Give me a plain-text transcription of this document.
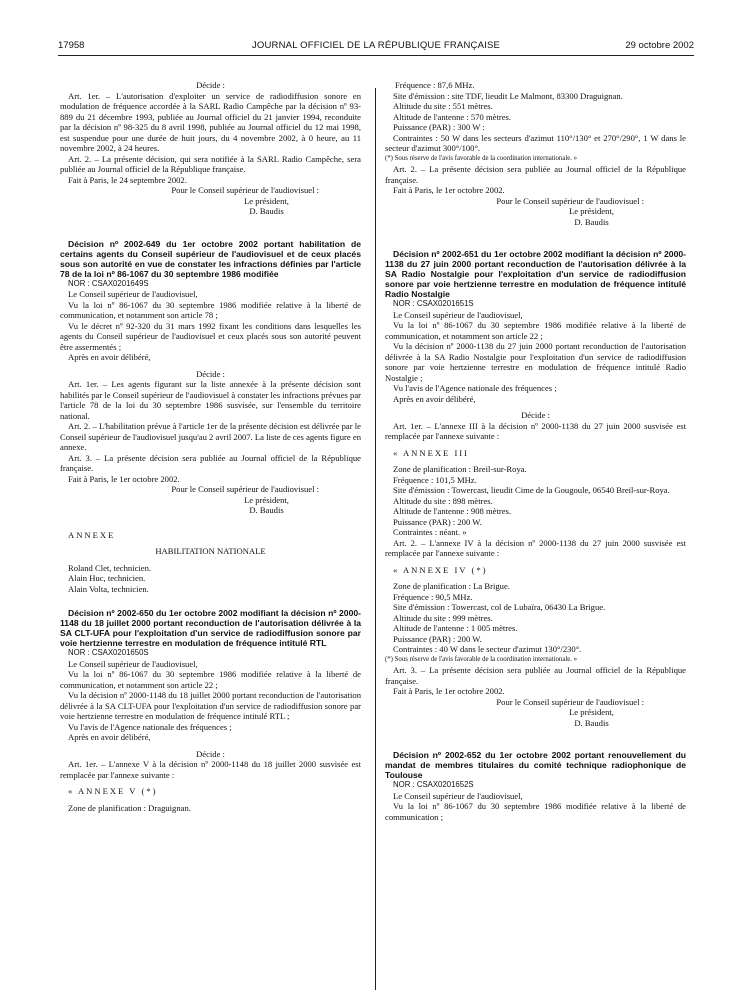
17958	JOURNAL OFFICIEL DE LA RÉPUBLIQUE FRANÇAISE	29 octobre 2002

Décide :

Art. 1er. – L'autorisation d'exploiter un service de radiodiffusion sonore en modulation de fréquence accordée à la SARL Radio Campêche par la décision nº 93-889 du 21 décembre 1993, publiée au Journal officiel du 21 janvier 1994, reconduite par la décision nº 98-325 du 8 avril 1998, publiée au Journal officiel du 12 mai 1998, est suspendue pour une durée de huit jours, du 4 novembre 2002, à 0 heure, au 11 novembre 2002, à 24 heures.

Art. 2. – La présente décision, qui sera notifiée à la SARL Radio Campêche, sera publiée au Journal officiel de la République française.

Fait à Paris, le 24 septembre 2002.

Pour le Conseil supérieur de l'audiovisuel :

Le président,

D. Baudis

Décision nº 2002-649 du 1er octobre 2002 portant habilitation de certains agents du Conseil supérieur de l'audiovisuel et de ceux placés sous son autorité en vue de constater les infractions définies par l'article 78 de la loi nº 86-1067 du 30 septembre 1986 modifiée

NOR : CSAX0201649S

Le Conseil supérieur de l'audiovisuel,

Vu la loi nº 86-1067 du 30 septembre 1986 modifiée relative à la liberté de communication, et notamment son article 78 ;

Vu le décret nº 92-320 du 31 mars 1992 fixant les conditions dans lesquelles les agents du Conseil supérieur de l'audiovisuel et ceux placés sous son autorité peuvent être assermentés ;

Après en avoir délibéré,

Décide :

Art. 1er. – Les agents figurant sur la liste annexée à la présente décision sont habilités par le Conseil supérieur de l'audiovisuel à constater les infractions prévues par l'article 78 de la loi du 30 septembre 1986 susvisée, sur l'ensemble du territoire national.

Art. 2. – L'habilitation prévue à l'article 1er de la présente décision est délivrée par le Conseil supérieur de l'audiovisuel jusqu'au 2 avril 2007. La liste de ces agents figure en annexe.

Art. 3. – La présente décision sera publiée au Journal officiel de la République française.

Fait à Paris, le 1er octobre 2002.

Pour le Conseil supérieur de l'audiovisuel :

Le président,

D. Baudis

ANNEXE

HABILITATION NATIONALE

Roland Clet, technicien.

Alain Huc, technicien.

Alain Volta, technicien.

Décision nº 2002-650 du 1er octobre 2002 modifiant la décision nº 2000-1148 du 18 juillet 2000 portant reconduction de l'autorisation délivrée à la SA CLT-UFA pour l'exploitation d'un service de radiodiffusion sonore par voie hertzienne terrestre en modulation de fréquence intitulé RTL

NOR : CSAX0201650S

Le Conseil supérieur de l'audiovisuel,

Vu la loi nº 86-1067 du 30 septembre 1986 modifiée relative à la liberté de communication, et notamment son article 22 ;

Vu la décision nº 2000-1148 du 18 juillet 2000 portant reconduction de l'autorisation délivrée à la SA CLT-UFA pour l'exploitation d'un service de radiodiffusion sonore par voie hertzienne terrestre en modulation de fréquence intitulé RTL ;

Vu l'avis de l'Agence nationale des fréquences ;

Après en avoir délibéré,

Décide :

Art. 1er. – L'annexe V à la décision nº 2000-1148 du 18 juillet 2000 susvisée est remplacée par l'annexe suivante :

« ANNEXE V (*)

Zone de planification : Draguignan.

Fréquence : 87,6 MHz.

Site d'émission : site TDF, lieudit Le Malmont, 83300 Draguignan.

Altitude du site : 551 mètres.

Altitude de l'antenne : 570 mètres.

Puissance (PAR) : 300 W :

Contraintes : 50 W dans les secteurs d'azimut 110°/130° et 270°/290°, 1 W dans le secteur d'azimut 300°/100°.

(*) Sous réserve de l'avis favorable de la coordination internationale. »

Art. 2. – La présente décision sera publiée au Journal officiel de la République française.

Fait à Paris, le 1er octobre 2002.

Pour le Conseil supérieur de l'audiovisuel :

Le président,

D. Baudis

Décision nº 2002-651 du 1er octobre 2002 modifiant la décision nº 2000-1138 du 27 juin 2000 portant reconduction de l'autorisation délivrée à la SA Radio Nostalgie pour l'exploitation d'un service de radiodiffusion sonore par voie hertzienne terrestre en modulation de fréquence intitulé Radio Nostalgie

NOR : CSAX0201651S

Le Conseil supérieur de l'audiovisuel,

Vu la loi nº 86-1067 du 30 septembre 1986 modifiée relative à la liberté de communication, et notamment son article 22 ;

Vu la décision nº 2000-1138 du 27 juin 2000 portant reconduction de l'autorisation délivrée à la SA Radio Nostalgie pour l'exploitation d'un service de radiodiffusion sonore par voie hertzienne terrestre en modulation de fréquence intitulé Radio Nostalgie ;

Vu l'avis de l'Agence nationale des fréquences ;

Après en avoir délibéré,

Décide :

Art. 1er. – L'annexe III à la décision nº 2000-1138 du 27 juin 2000 susvisée est remplacée par l'annexe suivante :

« ANNEXE III

Zone de planification : Breil-sur-Roya.

Fréquence : 101,5 MHz.

Site d'émission : Towercast, lieudit Cime de la Gougoule, 06540 Breil-sur-Roya.

Altitude du site : 898 mètres.

Altitude de l'antenne : 908 mètres.

Puissance (PAR) : 200 W.

Contraintes : néant. »

Art. 2. – L'annexe IV à la décision nº 2000-1138 du 27 juin 2000 susvisée est remplacée par l'annexe suivante :

« ANNEXE IV (*)

Zone de planification : La Brigue.

Fréquence : 90,5 MHz.

Site d'émission : Towercast, col de Lubaïra, 06430 La Brigue.

Altitude du site : 999 mètres.

Altitude de l'antenne : 1 005 mètres.

Puissance (PAR) : 200 W.

Contraintes : 40 W dans le secteur d'azimut 130°/230°.

(*) Sous réserve de l'avis favorable de la coordination internationale. »

Art. 3. – La présente décision sera publiée au Journal officiel de la République française.

Fait à Paris, le 1er octobre 2002.

Pour le Conseil supérieur de l'audiovisuel :

Le président,

D. Baudis

Décision nº 2002-652 du 1er octobre 2002 portant renouvellement du mandat de membres titulaires du comité technique radiophonique de Toulouse

NOR : CSAX0201652S

Le Conseil supérieur de l'audiovisuel,

Vu la loi nº 86-1067 du 30 septembre 1986 modifiée relative à la liberté de communication ;
